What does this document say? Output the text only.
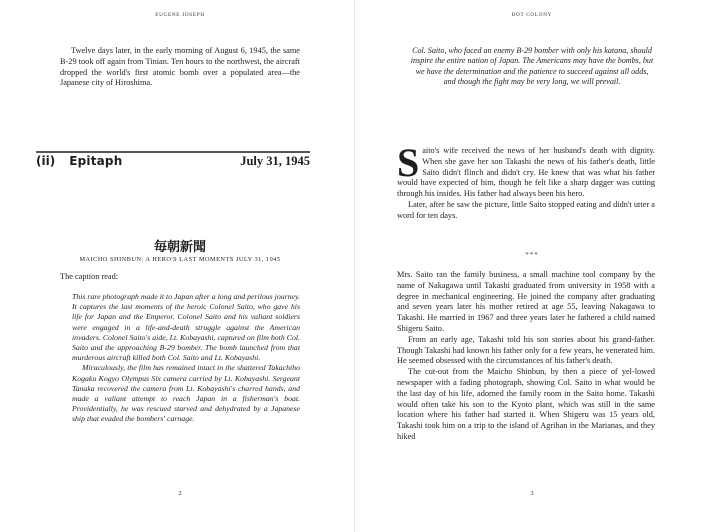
EUGENE JOSEPH

Twelve days later, in the early morning of August 6, 1945, the same B-29 took off again from Tinian. Ten hours to the northwest, the aircraft dropped the world's first atomic bomb over a populated area—the Japanese city of Hiroshima.

(ii) Epitaph	July 31, 1945
毎朝新聞
MAICHO SHINBUN: A HERO'S LAST MOMENTS JULY 31, 1945

The caption read:

This rare photograph made it to Japan after a long and perilous journey. It captures the last moments of the heroic Colonel Saito, who gave his life for Japan and the Emperor. Colonel Saito and his valiant soldiers were engaged in a life-and-death struggle against the American invaders. Colonel Saito's aide, Lt. Kobayashi, captured on film both Col. Saito and the approaching B-29 bomber. The bomb launched from that murderous aircraft killed both Col. Saito and Lt. Kobayashi.

Miraculously, the film has remained intact in the shattered Takachiho Kogaku Kogyo Olympus Six camera carried by Lt. Kobayashi. Sergeant Tanaka recovered the camera from Lt. Kobayashi's charred hands, and made a valiant attempt to reach Japan in a fisherman's boat. Providentially, he was rescued starved and dehydrated by a Japanese ship that evaded the bombers' carnage.

2
BOT COLONY

Col. Saito, who faced an enemy B-29 bomber with only his katana, should inspire the entire nation of Japan. The Americans may have the bombs, but we have the determination and the patience to succeed against all odds, and though the fight may be very long, we will prevail.

Saito's wife received the news of her husband's death with dignity. When she gave her son Takashi the news of his father's death, little Saito didn't flinch and didn't cry. He knew that was what his father would have expected of him, though he felt like a sharp dagger was cutting through his insides. His father had always been his hero.

Later, after he saw the picture, little Saito stopped eating and didn't utter a word for ten days.

***

Mrs. Saito ran the family business, a small machine tool company by the name of Nakagawa until Takashi graduated from university in 1958 with a degree in mechanical engineering. He joined the company after graduating and seven years later his mother retired at age 55, leaving Nakagawa to Takashi. He married in 1967 and three years later he fathered a child named Shigeru Saito.

From an early age, Takashi told his son stories about his grand-father. Though Takashi had known his father only for a few years, he venerated him. He seemed obsessed with the circumstances of his father's death.

The cut-out from the Maicho Shinbun, by then a piece of yel-lowed newspaper with a fading photograph, showing Col. Saito in what would be the last day of his life, adorned the family room in the Saito home. Takashi would often take his son to the Kyoto plant, which was still in the same location where his father had started it. When Shigeru was 15 years old, Takashi took him on a trip to the island of Agrihan in the Marianas, and they hiked

3
